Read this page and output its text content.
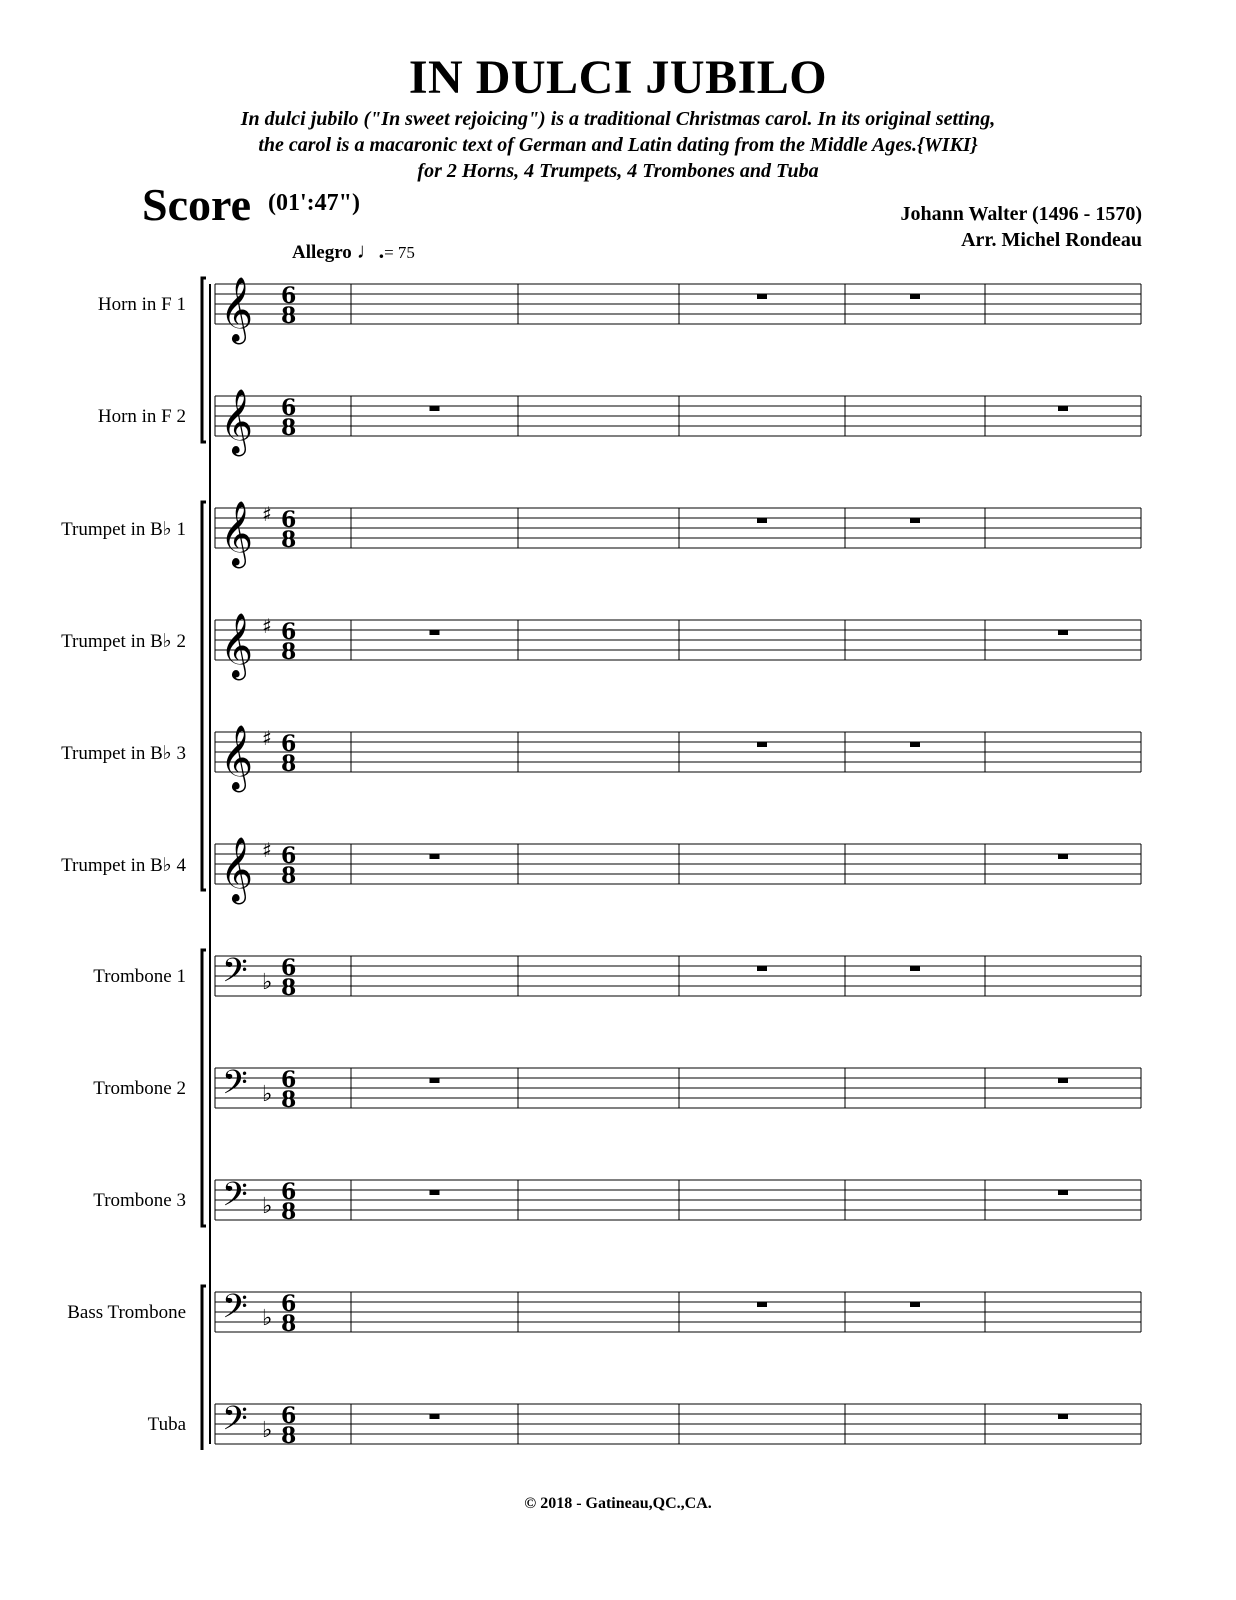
IN DULCI JUBILO
In dulci jubilo ("In sweet rejoicing") is a traditional Christmas carol. In its original setting,
the carol is a macaronic text of German and Latin dating from the Middle Ages.{WIKI}
for 2 Horns, 4 Trumpets, 4 Trombones and Tuba
Score (01':47")	Johann Walter (1496 - 1570)
Arr. Michel Rondeau
Allegro ♩.= 75
Horn in F 1
Horn in F 2
Trumpet in B♭ 1
Trumpet in B♭ 2
Trumpet in B♭ 3
Trumpet in B♭ 4
Trombone 1
Trombone 2
Trombone 3
Bass Trombone
Tuba
𝄞 6
8
𝄞 6
8
𝄞 ♯ 6
8
𝄞 ♯ 6
8
𝄞 ♯ 6
8
𝄞 ♯ 6
8
𝄢 ♭
6
8
𝄢 ♭
6
8
𝄢 ♭
6
8
𝄢 ♭
6
8
𝄢 ♭
6
8
© 2018 - Gatineau,QC.,CA.
